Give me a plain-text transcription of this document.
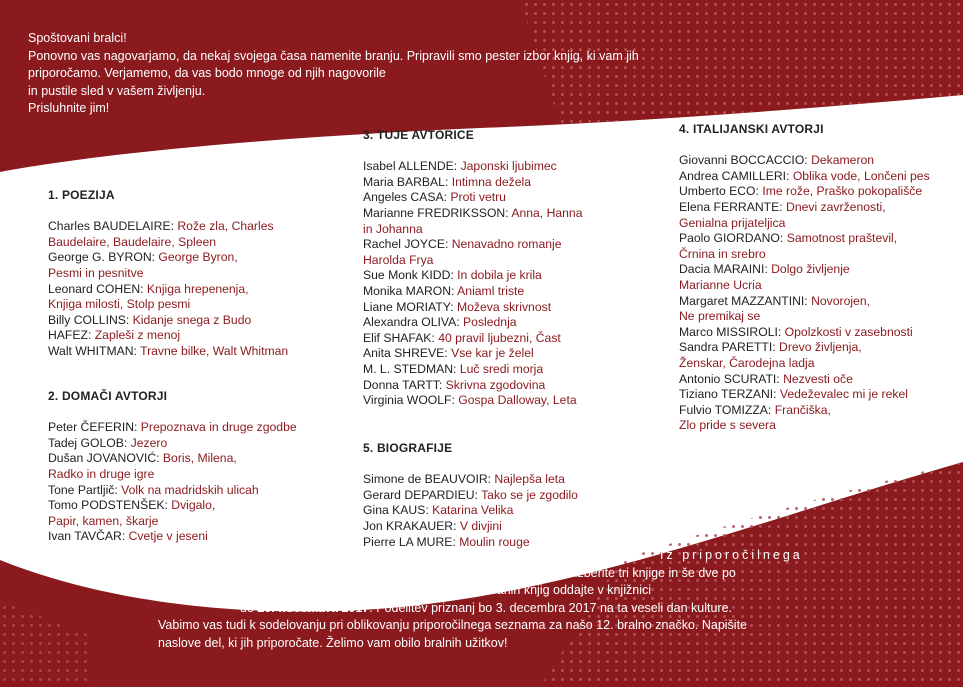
Spoštovani bralci!
Ponovno vas nagovarjamo, da nekaj svojega časa namenite branju. Pripravili smo pester izbor knjig, ki vam jih
priporočamo. Verjamemo, da vas bodo mnoge od njih nagovorile
in pustile sled v vašem življenju.
Prisluhnite jim!
1. POEZIJA
Charles BAUDELAIRE: Rože zla, Charles
Baudelaire, Baudelaire, Spleen
George G. BYRON: George Byron,
Pesmi in pesnitve
Leonard COHEN: Knjiga hrepenenja,
Knjiga milosti, Stolp pesmi
Billy COLLINS: Kidanje snega z Budo
HAFEZ: Zapleši z menoj
Walt WHITMAN: Travne bilke, Walt Whitman
2. DOMAČI AVTORJI
Peter ČEFERIN: Prepoznava in druge zgodbe
Tadej GOLOB: Jezero
Dušan JOVANOVIĆ: Boris, Milena,
Radko in druge igre
Tone Partljič: Volk na madridskih ulicah
Tomo PODSTENŠEK: Dvigalo,
Papir, kamen, škarje
Ivan TAVČAR: Cvetje v jeseni
3. TUJE AVTORICE
Isabel ALLENDE: Japonski ljubimec
Maria BARBAL: Intimna dežela
Angeles CASA: Proti vetru
Marianne FREDRIKSSON: Anna, Hanna
in Johanna
Rachel JOYCE: Nenavadno romanje
Harolda Frya
Sue Monk KIDD: In dobila je krila
Monika MARON: Aniaml triste
Liane MORIATY: Moževa skrivnost
Alexandra OLIVA: Poslednja
Elif SHAFAK: 40 pravil ljubezni, Čast
Anita SHREVE: Vse kar je želel
M. L. STEDMAN: Luč sredi morja
Donna TARTT: Skrivna zgodovina
Virginia WOOLF: Gospa Dalloway, Leta
5. BIOGRAFIJE
Simone de BEAUVOIR: Najlepša leta
Gerard DEPARDIEU: Tako se je zgodilo
Gina KAUS: Katarina Velika
Jon KRAKAUER: V divjini
Pierre LA MURE: Moulin rouge
4. ITALIJANSKI AVTORJI
Giovanni BOCCACCIO: Dekameron
Andrea CAMILLERI: Oblika vode, Lončeni pes
Umberto ECO: Ime rože, Praško pokopališče
Elena FERRANTE: Dnevi zavrženosti,
Genialna prijateljica
Paolo GIORDANO: Samotnost praštevil,
Črnina in srebro
Dacia MARAINI: Dolgo življenje
Marianne Ucria
Margaret MAZZANTINI: Novorojen,
Ne premikaj se
Marco MISSIROLI: Opolzkosti v zasebnosti
Sandra PARETTI: Drevo življenja,
Ženskar, Čarodejna ladja
Antonio SCURATI: Nezvesti oče
Tiziano TERZANI: Vedeževalec mi je rekel
Fulvio TOMIZZA: Frančiška,
Zlo pride s severa
Iz priporočilnega
seznama si izberite tri knjige in še dve po
lastnem izboru. Seznam prebranih knjig oddajte v knjižnici
do 20. novembra 2017. Podelitev priznanj bo 3. decembra 2017 na ta veseli dan kulture.
Vabimo vas tudi k sodelovanju pri oblikovanju priporočilnega seznama za našo 12. bralno značko. Napišite
naslove del, ki jih priporočate. Želimo vam obilo bralnih užitkov!
